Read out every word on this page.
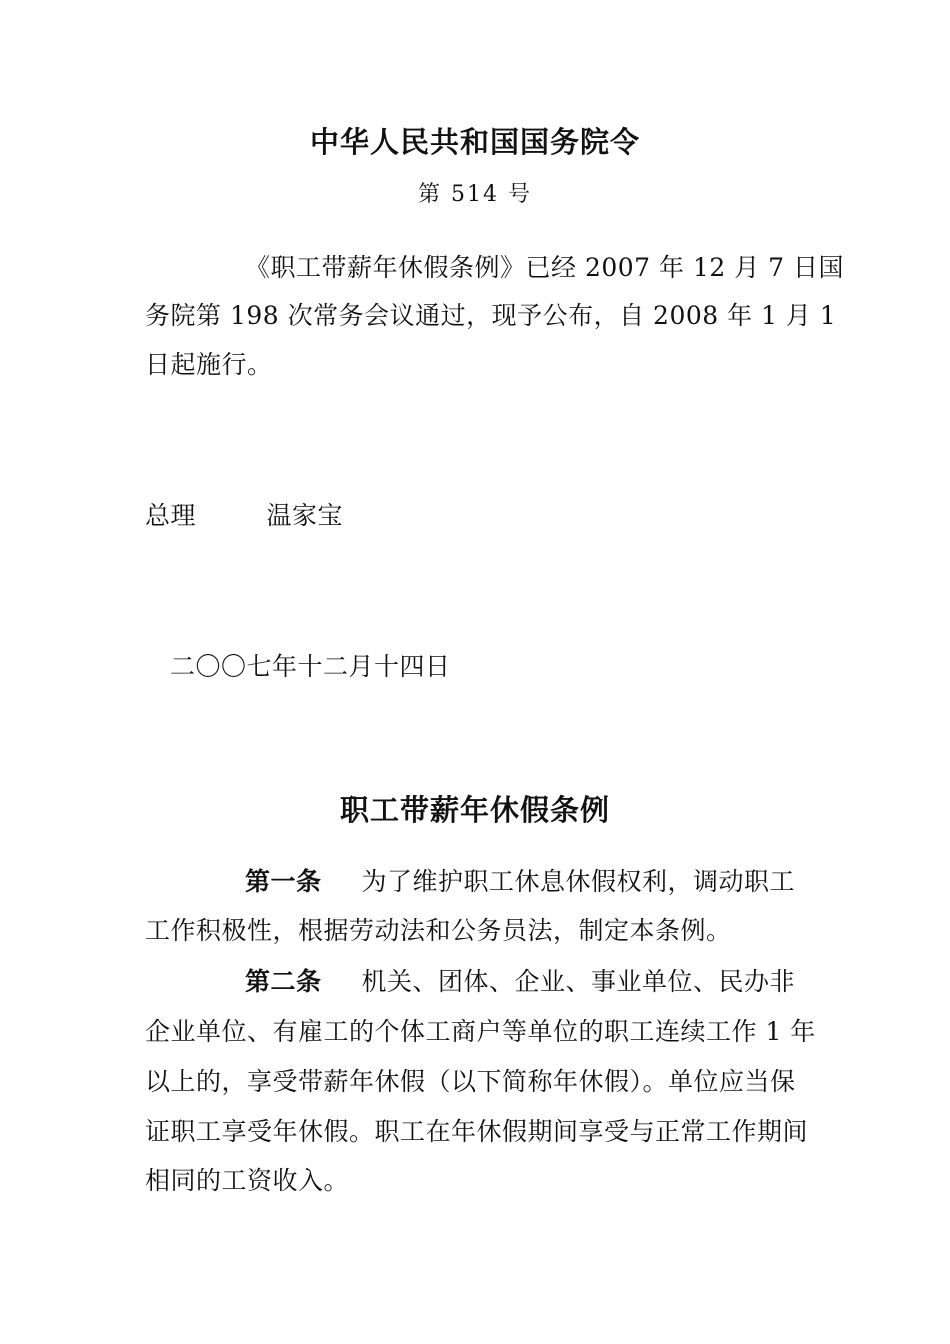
中华人民共和国国务院令
第 514 号
《职工带薪年休假条例》已经 2007 年 12 月 7 日国
务院第 198 次常务会议通过，现予公布，自 2008 年 1 月 1
日起施行。
总理	温家宝
二〇〇七年十二月十四日
职工带薪年休假条例
第一条 为了维护职工休息休假权利，调动职工
工作积极性，根据劳动法和公务员法，制定本条例。
第二条 机关、团体、企业、事业单位、民办非
企业单位、有雇工的个体工商户等单位的职工连续工作 1 年
以上的，享受带薪年休假（以下简称年休假）。单位应当保
证职工享受年休假。职工在年休假期间享受与正常工作期间
相同的工资收入。
